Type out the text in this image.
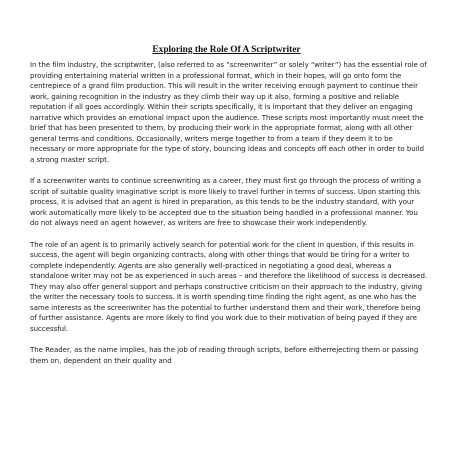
Exploring the Role Of A Scriptwriter

In the film industry, the scriptwriter, (also referred to as “screenwriter” or solely “writer”) has the essential role of providing entertaining material written in a professional format, which in their hopes, will go onto form the centrepiece of a grand film production. This will result in the writer receiving enough payment to continue their work, gaining recognition in the industry as they climb their way up it also, forming a positive and reliable reputation if all goes accordingly. Within their scripts specifically, it is important that they deliver an engaging narrative which provides an emotional impact upon the audience. These scripts most importantly must meet the brief that has been presented to them, by producing their work in the appropriate format, along with all other general terms and conditions. Occasionally, writers merge together to from a team if they deem it to be necessary or more appropriate for the type of story, bouncing ideas and concepts off each other in order to build a strong master script.

If a screenwriter wants to continue screenwriting as a career, they must first go through the process of writing a script of suitable quality imaginative script is more likely to travel further in terms of success. Upon starting this process, it is advised that an agent is hired in preparation, as this tends to be the industry standard, with your work automatically more likely to be accepted due to the situation being handled in a professional manner. You do not always need an agent however, as writers are free to showcase their work independently.

The role of an agent is to primarily actively search for potential work for the client in question, if this results in success, the agent will begin organizing contracts, along with other things that would be tiring for a writer to complete independently. Agents are also generally well-practiced in negotiating a good deal, whereas a standalone writer may not be as experienced in such areas – and therefore the likelihood of success is decreased. They may also offer general support and perhaps constructive criticism on their approach to the industry, giving the writer the necessary tools to success. It is worth spending time finding the right agent, as one who has the same interests as the screenwriter has the potential to further understand them and their work, therefore being of further assistance. Agents are more likely to find you work due to their motivation of being payed if they are successful.

The Reader, as the name implies, has the job of reading through scripts, before eitherrejecting them or passing them on, dependent on their quality and
